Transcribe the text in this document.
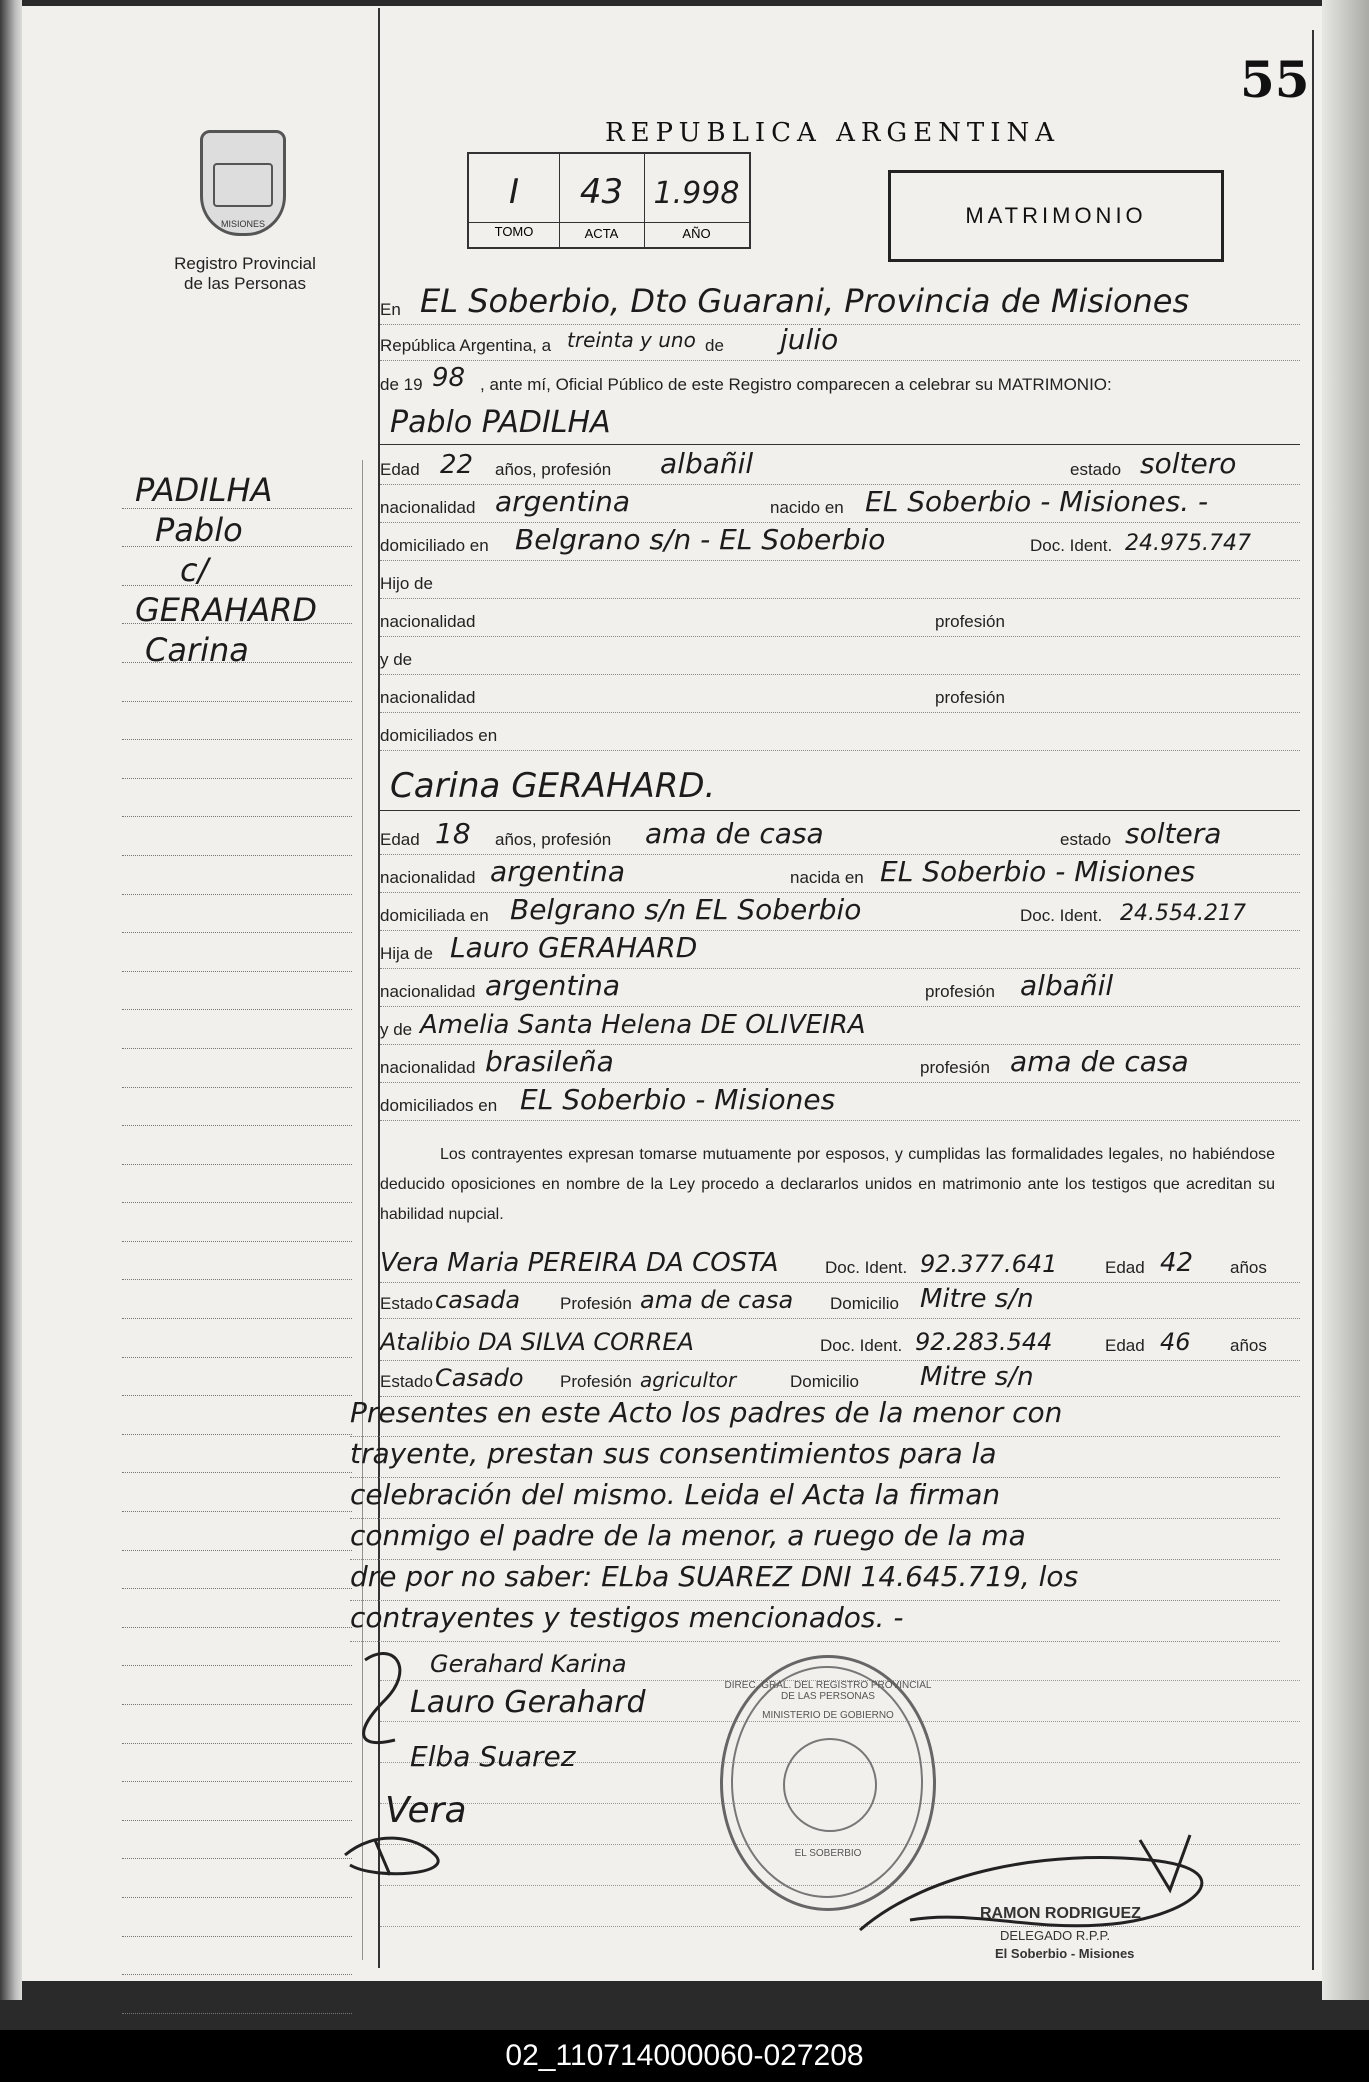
55
MISIONES
Registro Provincial
de las Personas
REPUBLICA ARGENTINA
I	43	1.998
TOMO	ACTA	AÑO
MATRIMONIO
PADILHA
Pablo
c/
GERAHARD
Carina
En EL Soberbio, Dto Guarani, Provincia de Misiones
República Argentina, a treinta y uno de julio
de 19 98 , ante mí, Oficial Público de este Registro comparecen a celebrar su MATRIMONIO:
Pablo PADILHA
Edad 22 años, profesión albañil	estado soltero
nacionalidad argentina	nacido en EL Soberbio - Misiones. -
domiciliado en Belgrano s/n - EL Soberbio	Doc. Ident. 24.975.747
Hijo de
nacionalidad	profesión
y de
nacionalidad	profesión
domiciliados en
Carina GERAHARD.
Edad 18 años, profesión ama de casa	estado soltera
nacionalidad argentina	nacida en EL Soberbio - Misiones
domiciliada en Belgrano s/n EL Soberbio	Doc. Ident. 24.554.217
Hija de Lauro GERAHARD
nacionalidad argentina	profesión albañil
y de Amelia Santa Helena DE OLIVEIRA
nacionalidad brasileña	profesión ama de casa
domiciliados en EL Soberbio - Misiones
Los contrayentes expresan tomarse mutuamente por esposos, y cumplidas las formalidades legales, no habiéndose deducido oposiciones en nombre de la Ley procedo a declararlos unidos en matrimonio ante los testigos que acreditan su habilidad nupcial.
Vera Maria PEREIRA DA COSTA	Doc. Ident. 92.377.641	Edad 42 años
Estado casada Profesión ama de casa Domicilio Mitre s/n
Atalibio DA SILVA CORREA	Doc. Ident. 92.283.544	Edad 46 años
Estado Casado Profesión agricultor	Domicilio Mitre s/n
Presentes en este Acto los padres de la menor con
trayente, prestan sus consentimientos para la
celebración del mismo. Leida el Acta la firman
conmigo el padre de la menor, a ruego de la ma
dre por no saber: ELba SUAREZ DNI 14.645.719, los
contrayentes y testigos mencionados. -
Gerahard Karina
Lauro Gerahard
Elba Suarez
Vera
DIREC. GRAL. DEL REGISTRO PROVINCIAL DE LAS PERSONAS
MINISTERIO DE GOBIERNO
EL SOBERBIO
RAMON RODRIGUEZ
DELEGADO R.P.P.
El Soberbio - Misiones
02_110714000060-027208
